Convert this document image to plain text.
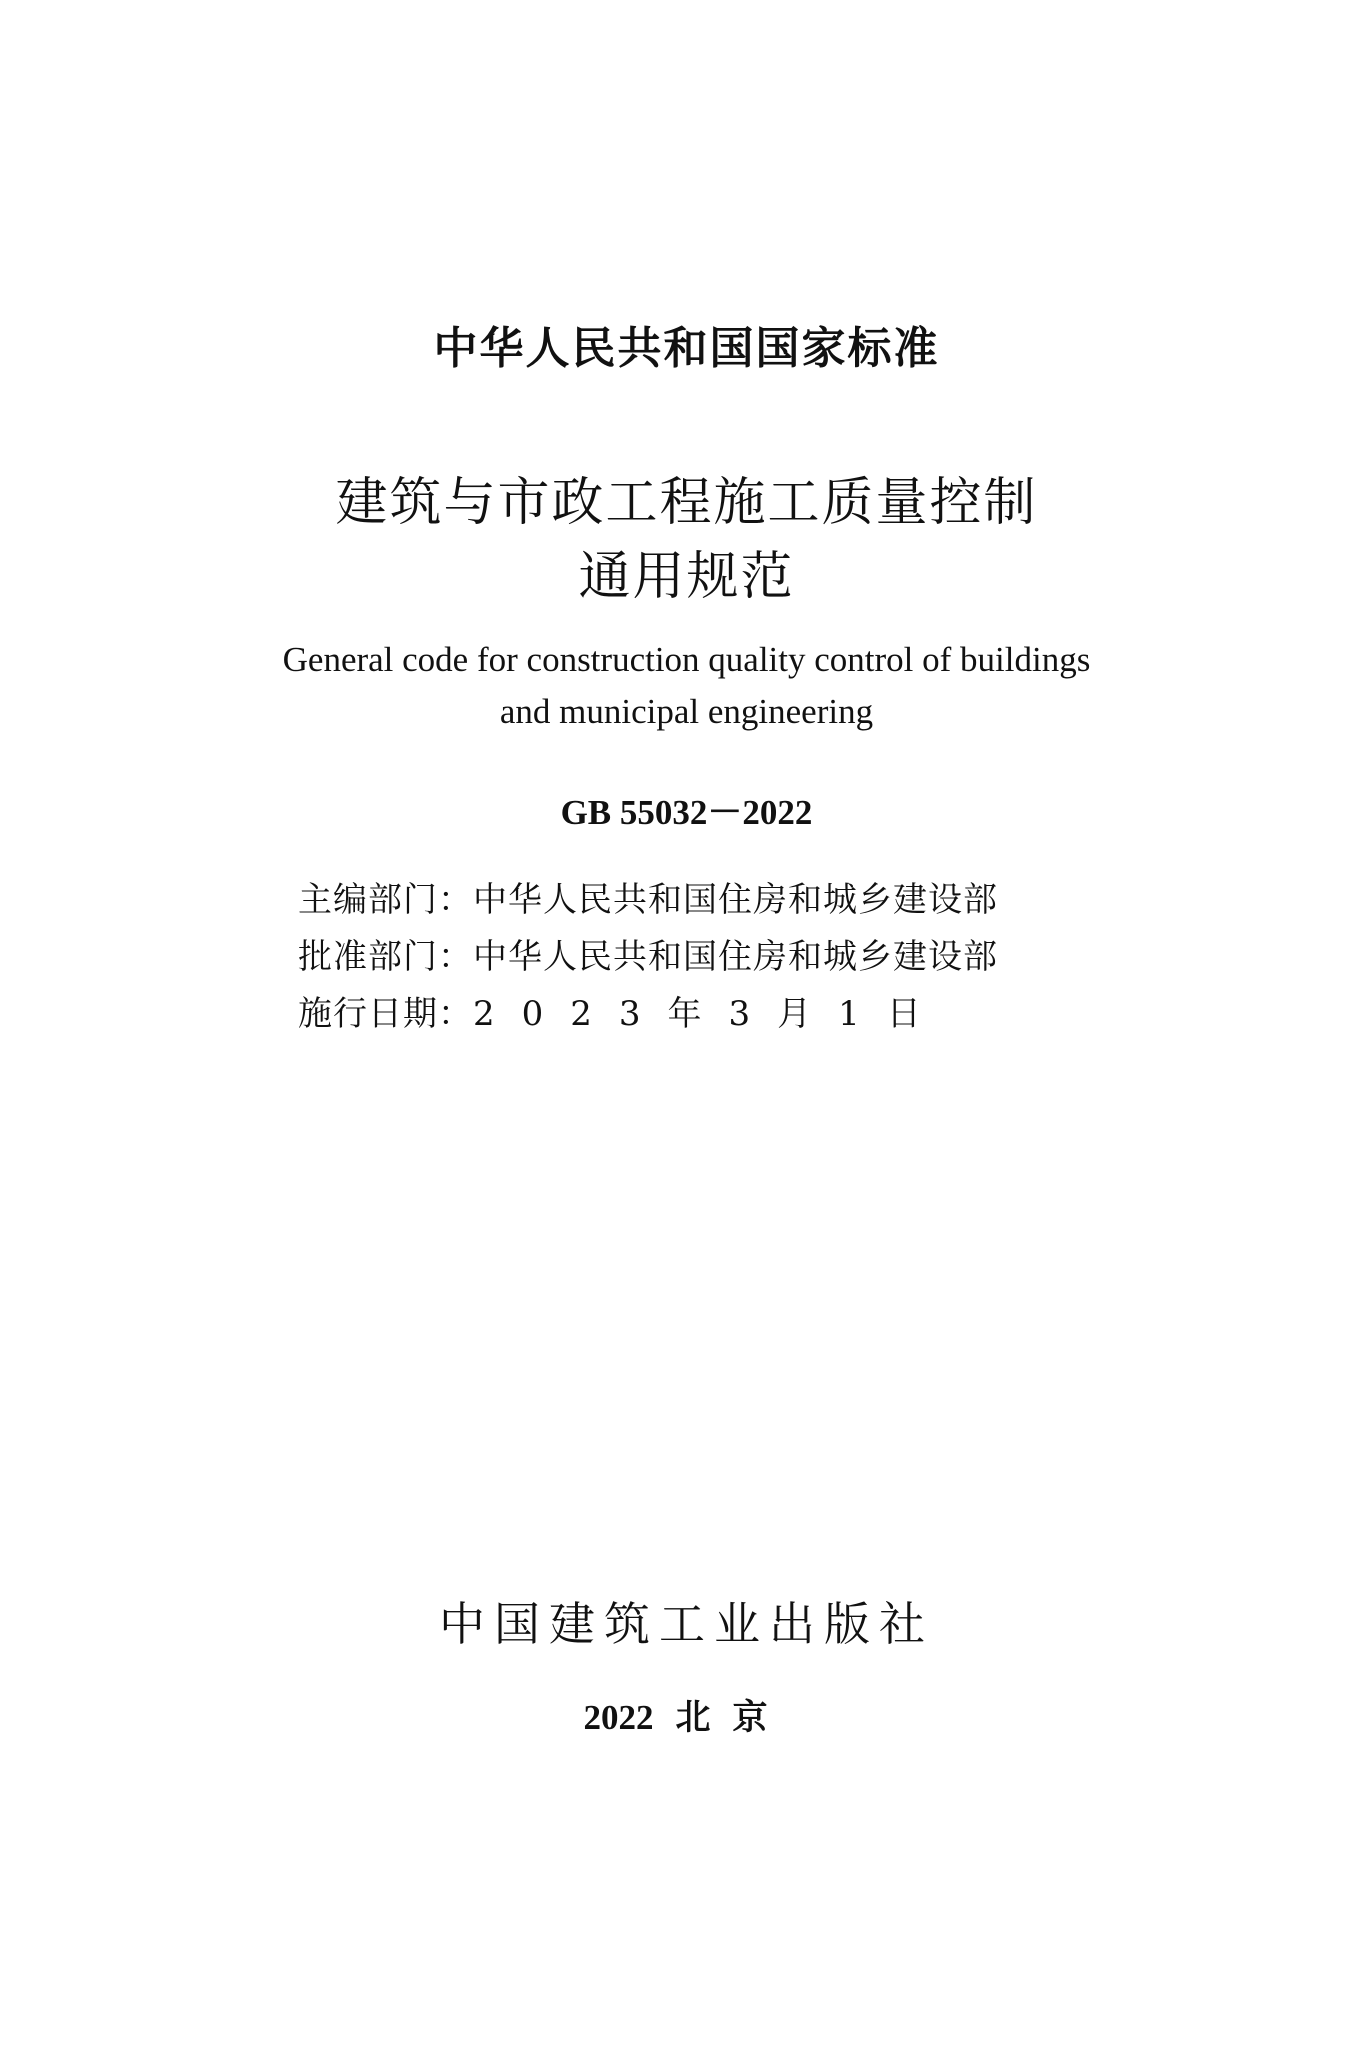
中华人民共和国国家标准
建筑与市政工程施工质量控制
通用规范
General code for construction quality control of buildings
and municipal engineering
GB 55032－2022
主编部门：中华人民共和国住房和城乡建设部
批准部门：中华人民共和国住房和城乡建设部
施行日期：2023年3月1日
中国建筑工业出版社
2022 北京
